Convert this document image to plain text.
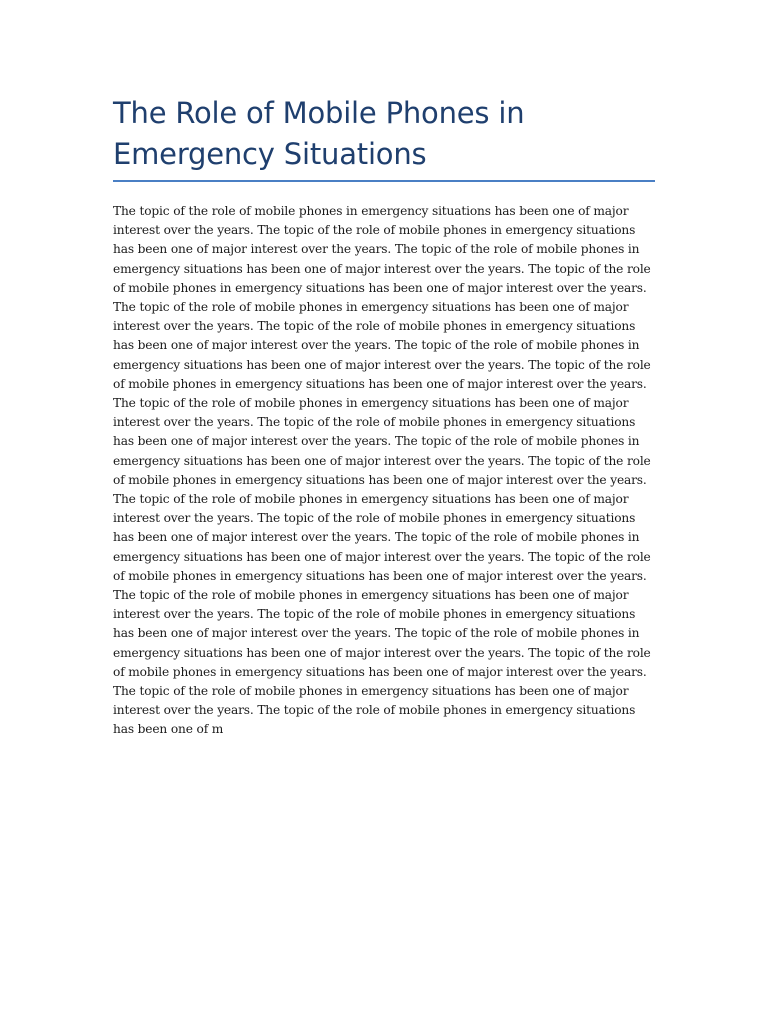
The Role of Mobile Phones in Emergency Situations

The topic of the role of mobile phones in emergency situations has been one of major interest over the years. The topic of the role of mobile phones in emergency situations has been one of major interest over the years. The topic of the role of mobile phones in emergency situations has been one of major interest over the years. The topic of the role of mobile phones in emergency situations has been one of major interest over the years. The topic of the role of mobile phones in emergency situations has been one of major interest over the years. The topic of the role of mobile phones in emergency situations has been one of major interest over the years. The topic of the role of mobile phones in emergency situations has been one of major interest over the years. The topic of the role of mobile phones in emergency situations has been one of major interest over the years. The topic of the role of mobile phones in emergency situations has been one of major interest over the years. The topic of the role of mobile phones in emergency situations has been one of major interest over the years. The topic of the role of mobile phones in emergency situations has been one of major interest over the years. The topic of the role of mobile phones in emergency situations has been one of major interest over the years. The topic of the role of mobile phones in emergency situations has been one of major interest over the years. The topic of the role of mobile phones in emergency situations has been one of major interest over the years. The topic of the role of mobile phones in emergency situations has been one of major interest over the years. The topic of the role of mobile phones in emergency situations has been one of major interest over the years. The topic of the role of mobile phones in emergency situations has been one of major interest over the years. The topic of the role of mobile phones in emergency situations has been one of major interest over the years. The topic of the role of mobile phones in emergency situations has been one of major interest over the years. The topic of the role of mobile phones in emergency situations has been one of major interest over the years. The topic of the role of mobile phones in emergency situations has been one of major interest over the years. The topic of the role of mobile phones in emergency situations has been one of m
